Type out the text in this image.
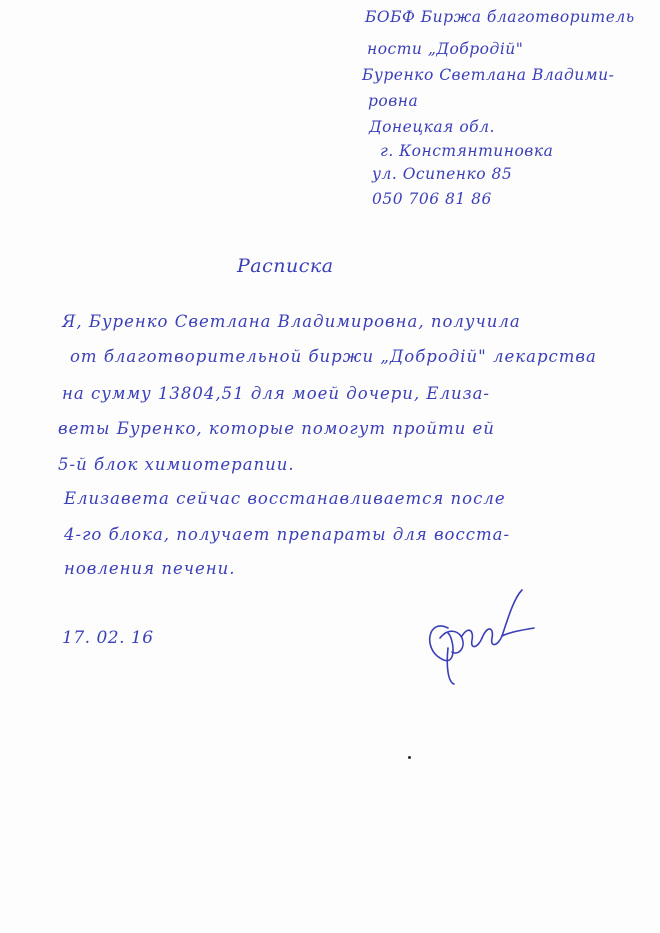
БОБФ Биржа благотворитель
ности „Добродій"
Буренко Светлана Владими-
ровна
Донецкая обл.
г. Констянтиновка
ул. Осипенко 85
050 706 81 86
Расписка
Я, Буренко Светлана Владимировна, получила
от благотворительной биржи „Добродій" лекарства
на сумму 13804,51 для моей дочери, Елиза-
веты Буренко, которые помогут пройти ей
5-й блок химиотерапии.
Елизавета сейчас восстанавливается после
4-го блока, получает препараты для восста-
новления печени.
17. 02. 16
